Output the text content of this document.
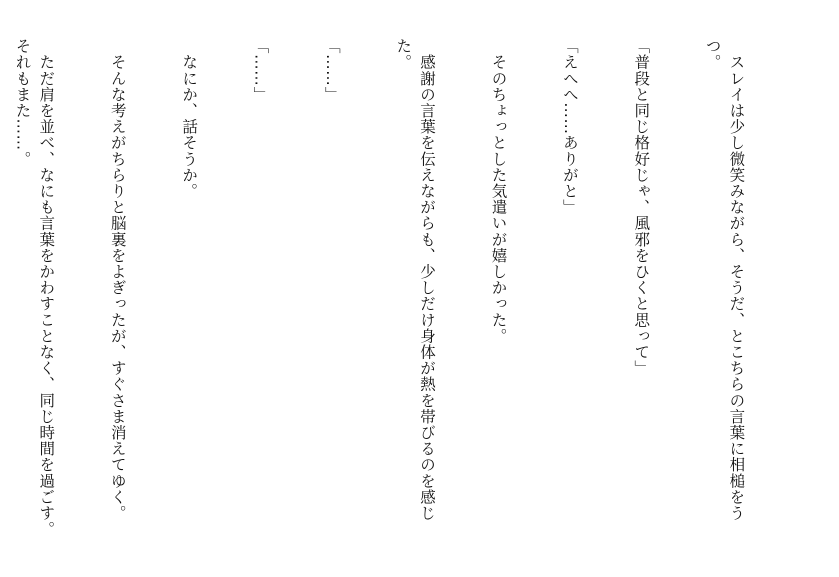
　スレイは少し微笑みながら、そうだ、とこちらの言葉に相槌をうつ。

「普段と同じ格好じゃ、風邪をひくと思って」

「えへへ……ありがと」

　そのちょっとした気遣いが嬉しかった。

　感謝の言葉を伝えながらも、少しだけ身体が熱を帯びるのを感じた。

「……」

「……」

　なにか、話そうか。

　そんな考えがちらりと脳裏をよぎったが、すぐさま消えてゆく。

　ただ肩を並べ、なにも言葉をかわすことなく、同じ時間を過ごす。それもまた……。
